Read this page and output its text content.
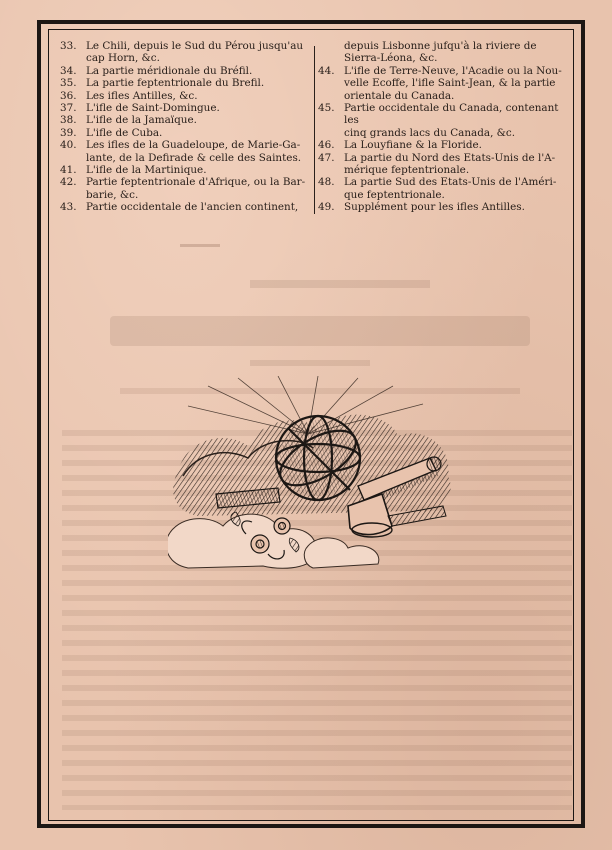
33. Le Chili, depuis le Sud du Pérou jusqu'au
cap Horn, &c.
34. La partie méridionale du Bréfil.
35. La partie feptentrionale du Brefil.
36. Les ifles Antilles, &c.
37. L'ifle de Saint-Domingue.
38. L'ifle de la Jamaïque.
39. L'ifle de Cuba.
40. Les ifles de la Guadeloupe, de Marie-Ga-
lante, de la Defirade & celle des Saintes.
41. L'ifle de la Martinique.
42. Partie feptentrionale d'Afrique, ou la Bar-
barie, &c.
43. Partie occidentale de l'ancien continent,
depuis Lisbonne jufqu'à la riviere de
Sierra-Léona, &c.
44. L'ifle de Terre-Neuve, l'Acadie ou la Nou-
velle Ecoffe, l'ifle Saint-Jean, & la partie orientale du Canada.
45. Partie occidentale du Canada, contenant les
cinq grands lacs du Canada, &c.
46. La Louyfiane & la Floride.
47. La partie du Nord des Etats-Unis de l'A-
mérique feptentrionale.
48. La partie Sud des Etats-Unis de l'Améri-
que feptentrionale.
49. Supplément pour les ifles Antilles.
